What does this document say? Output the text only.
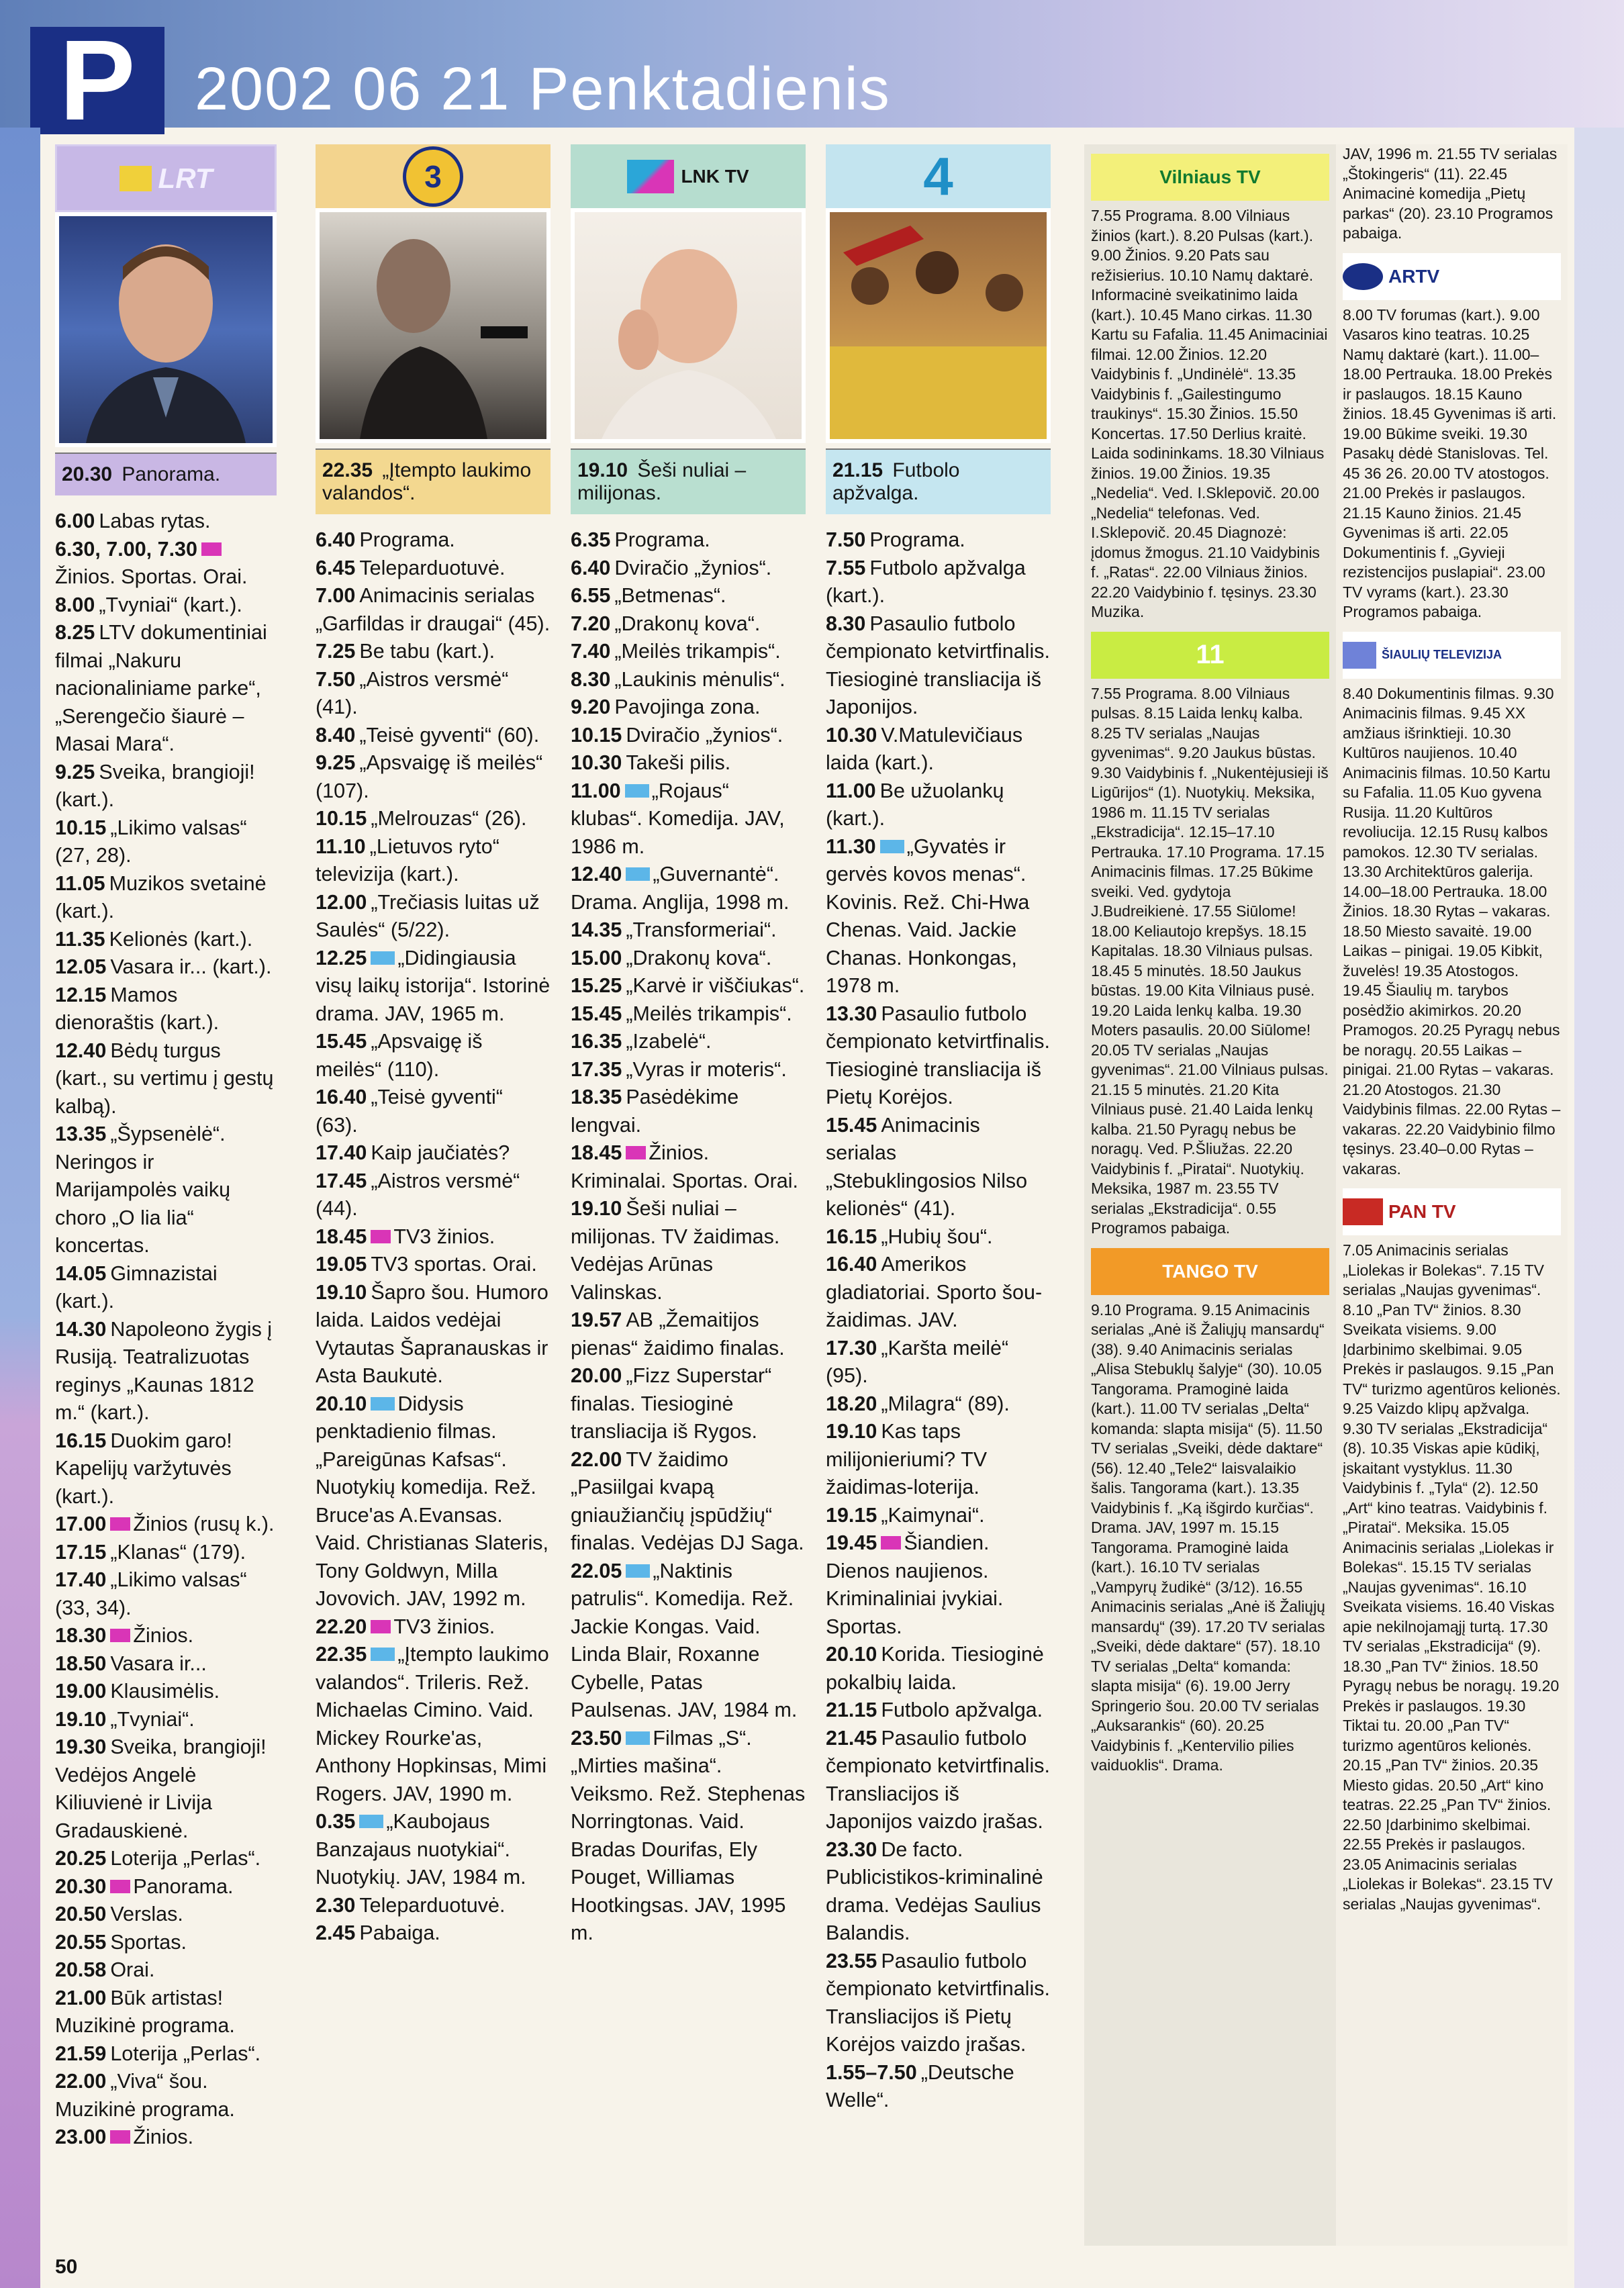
P 2002 06 21 Penktadienis
LRT
20.30 Panorama.
6.00 Labas rytas.
6.30, 7.00, 7.30Žinios. Sportas. Orai.
8.00 „Tvyniai“ (kart.).
8.25 LTV dokumentiniai filmai „Nakuru nacionaliniame parke“, „Serengečio šiaurė – Masai Mara“.
9.25 Sveika, brangioji! (kart.).
10.15 „Likimo valsas“ (27, 28).
11.05 Muzikos svetainė (kart.).
11.35 Kelionės (kart.).
12.05 Vasara ir... (kart.).
12.15 Mamos dienoraštis (kart.).
12.40 Bėdų turgus (kart., su vertimu į gestų kalbą).
13.35 „Šypsenėlė“. Neringos ir Marijampolės vaikų choro „O lia lia“ koncertas.
14.05 Gimnazistai (kart.).
14.30 Napoleono žygis į Rusiją. Teatralizuotas reginys „Kaunas 1812 m.“ (kart.).
16.15 Duokim garo! Kapelijų varžytuvės (kart.).
17.00 Žinios (rusų k.).
17.15 „Klanas“ (179).
17.40 „Likimo valsas“ (33, 34).
18.30 Žinios.
18.50 Vasara ir...
19.00 Klausimėlis.
19.10 „Tvyniai“.
19.30 Sveika, brangioji! Vedėjos Angelė Kiliuvienė ir Livija Gradauskienė.
20.25 Loterija „Perlas“.
20.30 Panorama.
20.50 Verslas.
20.55 Sportas.
20.58 Orai.
21.00 Būk artistas! Muzikinė programa.
21.59 Loterija „Perlas“.
22.00 „Viva“ šou. Muzikinė programa.
23.00 Žinios.
3
22.35 „Įtempto laukimo valandos“.
6.40 Programa.
6.45 Teleparduotuvė.
7.00 Animacinis serialas „Garfildas ir draugai“ (45).
7.25 Be tabu (kart.).
7.50 „Aistros versmė“ (41).
8.40 „Teisė gyventi“ (60).
9.25 „Apsvaigę iš meilės“ (107).
10.15 „Melrouzas“ (26).
11.10 „Lietuvos ryto“ televizija (kart.).
12.00 „Trečiasis luitas už Saulės“ (5/22).
12.25 „Didingiausia visų laikų istorija“. Istorinė drama. JAV, 1965 m.
15.45 „Apsvaigę iš meilės“ (110).
16.40 „Teisė gyventi“ (63).
17.40 Kaip jaučiatės?
17.45 „Aistros versmė“ (44).
18.45 TV3 žinios.
19.05 TV3 sportas. Orai.
19.10 Šapro šou. Humoro laida. Laidos vedėjai Vytautas Šapranauskas ir Asta Baukutė.
20.10 Didysis penktadienio filmas. „Pareigūnas Kafsas“. Nuotykių komedija. Rež. Bruce'as A.Evansas. Vaid. Christianas Slateris, Tony Goldwyn, Milla Jovovich. JAV, 1992 m.
22.20 TV3 žinios.
22.35 „Įtempto laukimo valandos“. Trileris. Rež. Michaelas Cimino. Vaid. Mickey Rourke'as, Anthony Hopkinsas, Mimi Rogers. JAV, 1990 m.
0.35 „Kaubojaus Banzajaus nuotykiai“. Nuotykių. JAV, 1984 m.
2.30 Teleparduotuvė.
2.45 Pabaiga.
LNK TV
19.10 Šeši nuliai – milijonas.
6.35 Programa.
6.40 Dviračio „žynios“.
6.55 „Betmenas“.
7.20 „Drakonų kova“.
7.40 „Meilės trikampis“.
8.30 „Laukinis mėnulis“.
9.20 Pavojinga zona.
10.15 Dviračio „žynios“.
10.30 Takeši pilis.
11.00 „Rojaus“ klubas“. Komedija. JAV, 1986 m.
12.40 „Guvernantė“. Drama. Anglija, 1998 m.
14.35 „Transformeriai“.
15.00 „Drakonų kova“.
15.25 „Karvė ir viščiukas“.
15.45 „Meilės trikampis“.
16.35 „Izabelė“.
17.35 „Vyras ir moteris“.
18.35 Pasėdėkime lengvai.
18.45 Žinios. Kriminalai. Sportas. Orai.
19.10 Šeši nuliai – milijonas. TV žaidimas. Vedėjas Arūnas Valinskas.
19.57 AB „Žemaitijos pienas“ žaidimo finalas.
20.00 „Fizz Superstar“ finalas. Tiesioginė transliacija iš Rygos.
22.00 TV žaidimo „Pasiilgai kvapą gniaužiančių įspūdžių“ finalas. Vedėjas DJ Saga.
22.05 „Naktinis patrulis“. Komedija. Rež. Jackie Kongas. Vaid. Linda Blair, Roxanne Cybelle, Patas Paulsenas. JAV, 1984 m.
23.50 Filmas „S“. „Mirties mašina“. Veiksmo. Rež. Stephenas Norringtonas. Vaid. Bradas Dourifas, Ely Pouget, Williamas Hootkingsas. JAV, 1995 m.
4
21.15 Futbolo apžvalga.
7.50 Programa.
7.55 Futbolo apžvalga (kart.).
8.30 Pasaulio futbolo čempionato ketvirtfinalis. Tiesioginė transliacija iš Japonijos.
10.30 V.Matulevičiaus laida (kart.).
11.00 Be užuolankų (kart.).
11.30 „Gyvatės ir gervės kovos menas“. Kovinis. Rež. Chi-Hwa Chenas. Vaid. Jackie Chanas. Honkongas, 1978 m.
13.30 Pasaulio futbolo čempionato ketvirtfinalis. Tiesioginė transliacija iš Pietų Korėjos.
15.45 Animacinis serialas „Stebuklingosios Nilso kelionės“ (41).
16.15 „Hubių šou“.
16.40 Amerikos gladiatoriai. Sporto šou-žaidimas. JAV.
17.30 „Karšta meilė“ (95).
18.20 „Milagra“ (89).
19.10 Kas taps milijonieriumi? TV žaidimas-loterija.
19.15 „Kaimynai“.
19.45 Šiandien. Dienos naujienos. Kriminaliniai įvykiai. Sportas.
20.10 Korida. Tiesioginė pokalbių laida.
21.15 Futbolo apžvalga.
21.45 Pasaulio futbolo čempionato ketvirtfinalis. Transliacijos iš Japonijos vaizdo įrašas.
23.30 De facto. Publicistikos-kriminalinė drama. Vedėjas Saulius Balandis.
23.55 Pasaulio futbolo čempionato ketvirtfinalis. Transliacijos iš Pietų Korėjos vaizdo įrašas.
1.55–7.50 „Deutsche Welle“.
Vilniaus TV
7.55 Programa. 8.00 Vilniaus žinios (kart.). 8.20 Pulsas (kart.). 9.00 Žinios. 9.20 Pats sau režisierius. 10.10 Namų daktarė. Informacinė sveikatinimo laida (kart.). 10.45 Mano cirkas. 11.30 Kartu su Fafalia. 11.45 Animaciniai filmai. 12.00 Žinios. 12.20 Vaidybinis f. „Undinėlė“. 13.35 Vaidybinis f. „Gailestingumo traukinys“. 15.30 Žinios. 15.50 Koncertas. 17.50 Derlius kraitė. Laida sodininkams. 18.30 Vilniaus žinios. 19.00 Žinios. 19.35 „Nedelia“. Ved. I.Sklepovič. 20.00 „Nedelia“ telefonas. Ved. I.Sklepovič. 20.45 Diagnozė: įdomus žmogus. 21.10 Vaidybinis f. „Ratas“. 22.00 Vilniaus žinios. 22.20 Vaidybinio f. tęsinys. 23.30 Muzika.
11
7.55 Programa. 8.00 Vilniaus pulsas. 8.15 Laida lenkų kalba. 8.25 TV serialas „Naujas gyvenimas“. 9.20 Jaukus būstas. 9.30 Vaidybinis f. „Nukentėjusieji iš Ligūrijos“ (1). Nuotykių. Meksika, 1986 m. 11.15 TV serialas „Ekstradicija“. 12.15–17.10 Pertrauka. 17.10 Programa. 17.15 Animacinis filmas. 17.25 Būkime sveiki. Ved. gydytoja J.Budreikienė. 17.55 Siūlome! 18.00 Keliautojo krepšys. 18.15 Kapitalas. 18.30 Vilniaus pulsas. 18.45 5 minutės. 18.50 Jaukus būstas. 19.00 Kita Vilniaus pusė. 19.20 Laida lenkų kalba. 19.30 Moters pasaulis. 20.00 Siūlome! 20.05 TV serialas „Naujas gyvenimas“. 21.00 Vilniaus pulsas. 21.15 5 minutės. 21.20 Kita Vilniaus pusė. 21.40 Laida lenkų kalba. 21.50 Pyragų nebus be noragų. Ved. P.Šliužas. 22.20 Vaidybinis f. „Piratai“. Nuotykių. Meksika, 1987 m. 23.55 TV serialas „Ekstradicija“. 0.55 Programos pabaiga.
TANGO TV
9.10 Programa. 9.15 Animacinis serialas „Anė iš Žaliųjų mansardų“ (38). 9.40 Animacinis serialas „Alisa Stebuklų šalyje“ (30). 10.05 Tangorama. Pramoginė laida (kart.). 11.00 TV serialas „Delta“ komanda: slapta misija“ (5). 11.50 TV serialas „Sveiki, dėde daktare“ (56). 12.40 „Tele2“ laisvalaikio šalis. Tangorama (kart.). 13.35 Vaidybinis f. „Ką išgirdo kurčias“. Drama. JAV, 1997 m. 15.15 Tangorama. Pramoginė laida (kart.). 16.10 TV serialas „Vampyrų žudikė“ (3/12). 16.55 Animacinis serialas „Anė iš Žaliųjų mansardų“ (39). 17.20 TV serialas „Sveiki, dėde daktare“ (57). 18.10 TV serialas „Delta“ komanda: slapta misija“ (6). 19.00 Jerry Springerio šou. 20.00 TV serialas „Auksarankis“ (60). 20.25 Vaidybinis f. „Kentervilio pilies vaiduoklis“. Drama.
JAV, 1996 m. 21.55 TV serialas „Štokingeris“ (11). 22.45 Animacinė komedija „Pietų parkas“ (20). 23.10 Programos pabaiga.
ARTV
8.00 TV forumas (kart.). 9.00 Vasaros kino teatras. 10.25 Namų daktarė (kart.). 11.00–18.00 Pertrauka. 18.00 Prekės ir paslaugos. 18.15 Kauno žinios. 18.45 Gyvenimas iš arti. 19.00 Būkime sveiki. 19.30 Pasakų dėdė Stanislovas. Tel. 45 36 26. 20.00 TV atostogos. 21.00 Prekės ir paslaugos. 21.15 Kauno žinios. 21.45 Gyvenimas iš arti. 22.05 Dokumentinis f. „Gyvieji rezistencijos puslapiai“. 23.00 TV vyrams (kart.). 23.30 Programos pabaiga.
ŠIAULIŲ TELEVIZIJA
8.40 Dokumentinis filmas. 9.30 Animacinis filmas. 9.45 XX amžiaus išrinktieji. 10.30 Kultūros naujienos. 10.40 Animacinis filmas. 10.50 Kartu su Fafalia. 11.05 Kuo gyvena Rusija. 11.20 Kultūros revoliucija. 12.15 Rusų kalbos pamokos. 12.30 TV serialas. 13.30 Architektūros galerija. 14.00–18.00 Pertrauka. 18.00 Žinios. 18.30 Rytas – vakaras. 18.50 Miesto savaitė. 19.00 Laikas – pinigai. 19.05 Kibkit, žuvelės! 19.35 Atostogos. 19.45 Šiaulių m. tarybos posėdžio akimirkos. 20.20 Pramogos. 20.25 Pyragų nebus be noragų. 20.55 Laikas – pinigai. 21.00 Rytas – vakaras. 21.20 Atostogos. 21.30 Vaidybinis filmas. 22.00 Rytas – vakaras. 22.20 Vaidybinio filmo tęsinys. 23.40–0.00 Rytas – vakaras.
PAN TV
7.05 Animacinis serialas „Liolekas ir Bolekas“. 7.15 TV serialas „Naujas gyvenimas“. 8.10 „Pan TV“ žinios. 8.30 Sveikata visiems. 9.00 Įdarbinimo skelbimai. 9.05 Prekės ir paslaugos. 9.15 „Pan TV“ turizmo agentūros kelionės. 9.25 Vaizdo klipų apžvalga. 9.30 TV serialas „Ekstradicija“ (8). 10.35 Viskas apie kūdikį, įskaitant vystyklus. 11.30 Vaidybinis f. „Tyla“ (2). 12.50 „Art“ kino teatras. Vaidybinis f. „Piratai“. Meksika. 15.05 Animacinis serialas „Liolekas ir Bolekas“. 15.15 TV serialas „Naujas gyvenimas“. 16.10 Sveikata visiems. 16.40 Viskas apie nekilnojamąjį turtą. 17.30 TV serialas „Ekstradicija“ (9). 18.30 „Pan TV“ žinios. 18.50 Pyragų nebus be noragų. 19.20 Prekės ir paslaugos. 19.30 Tiktai tu. 20.00 „Pan TV“ turizmo agentūros kelionės. 20.15 „Pan TV“ žinios. 20.35 Miesto gidas. 20.50 „Art“ kino teatras. 22.25 „Pan TV“ žinios. 22.50 Įdarbinimo skelbimai. 22.55 Prekės ir paslaugos. 23.05 Animacinis serialas „Liolekas ir Bolekas“. 23.15 TV serialas „Naujas gyvenimas“.
50
